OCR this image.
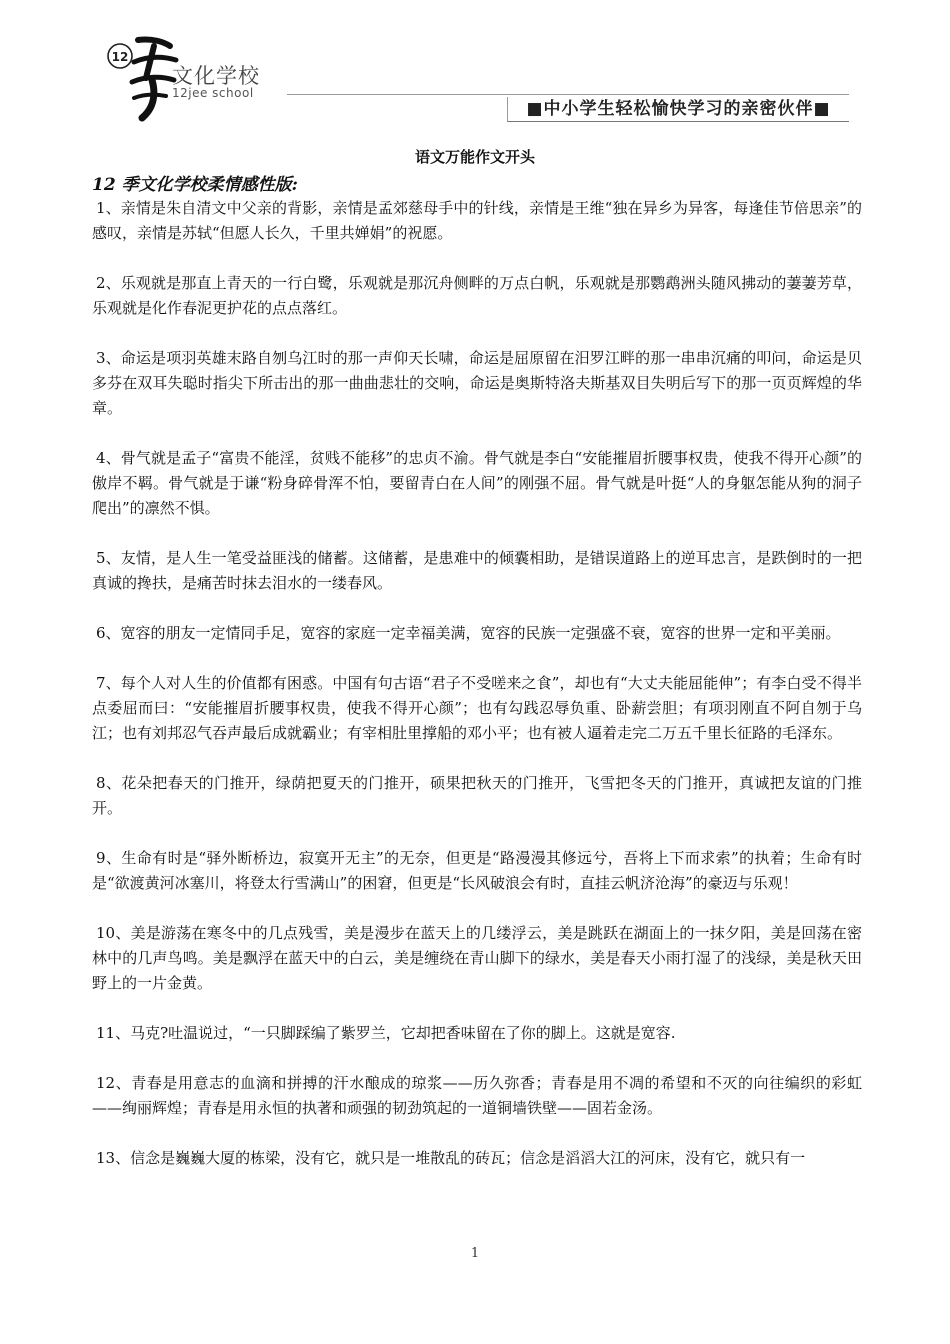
12
文化学校
12jee school
■中小学生轻松愉快学习的亲密伙伴■
语文万能作文开头
12 季文化学校柔情感性版:

1、亲情是朱自清文中父亲的背影，亲情是孟郊慈母手中的针线，亲情是王维“独在异乡为异客，每逢佳节倍思亲”的感叹，亲情是苏轼“但愿人长久，千里共婵娟”的祝愿。

2、乐观就是那直上青天的一行白鹭，乐观就是那沉舟侧畔的万点白帆，乐观就是那鹦鹉洲头随风拂动的萋萋芳草，乐观就是化作春泥更护花的点点落红。

3、命运是项羽英雄末路自刎乌江时的那一声仰天长啸，命运是屈原留在汨罗江畔的那一串串沉痛的叩问，命运是贝多芬在双耳失聪时指尖下所击出的那一曲曲悲壮的交响，命运是奥斯特洛夫斯基双目失明后写下的那一页页辉煌的华章。

4、骨气就是孟子“富贵不能淫，贫贱不能移”的忠贞不渝。骨气就是李白“安能摧眉折腰事权贵，使我不得开心颜”的傲岸不羁。骨气就是于谦“粉身碎骨浑不怕，要留青白在人间”的刚强不屈。骨气就是叶挺“人的身躯怎能从狗的洞子爬出”的凛然不惧。

5、友情，是人生一笔受益匪浅的储蓄。这储蓄，是患难中的倾囊相助，是错误道路上的逆耳忠言，是跌倒时的一把真诚的搀扶，是痛苦时抹去泪水的一缕春风。

6、宽容的朋友一定情同手足，宽容的家庭一定幸福美满，宽容的民族一定强盛不衰，宽容的世界一定和平美丽。

7、每个人对人生的价值都有困惑。中国有句古语“君子不受嗟来之食”，却也有“大丈夫能屈能伸”；有李白受不得半点委屈而曰：“安能摧眉折腰事权贵，使我不得开心颜”；也有勾践忍辱负重、卧薪尝胆；有项羽刚直不阿自刎于乌江；也有刘邦忍气吞声最后成就霸业；有宰相肚里撑船的邓小平；也有被人逼着走完二万五千里长征路的毛泽东。

8、花朵把春天的门推开，绿荫把夏天的门推开，硕果把秋天的门推开，飞雪把冬天的门推开，真诚把友谊的门推开。

9、生命有时是“驿外断桥边，寂寞开无主”的无奈，但更是“路漫漫其修远兮，吾将上下而求索”的执着；生命有时是“欲渡黄河冰塞川，将登太行雪满山”的困窘，但更是“长风破浪会有时，直挂云帆济沧海”的豪迈与乐观！

10、美是游荡在寒冬中的几点残雪，美是漫步在蓝天上的几缕浮云，美是跳跃在湖面上的一抹夕阳，美是回荡在密林中的几声鸟鸣。美是飘浮在蓝天中的白云，美是缠绕在青山脚下的绿水，美是春天小雨打湿了的浅绿，美是秋天田野上的一片金黄。

11、马克?吐温说过，“一只脚踩编了紫罗兰，它却把香味留在了你的脚上。这就是宽容.

12、青春是用意志的血滴和拼搏的汗水酿成的琼浆——历久弥香；青春是用不凋的希望和不灭的向往编织的彩虹——绚丽辉煌；青春是用永恒的执著和顽强的韧劲筑起的一道铜墙铁壁——固若金汤。

13、信念是巍巍大厦的栋梁，没有它，就只是一堆散乱的砖瓦；信念是滔滔大江的河床，没有它，就只有一

1
